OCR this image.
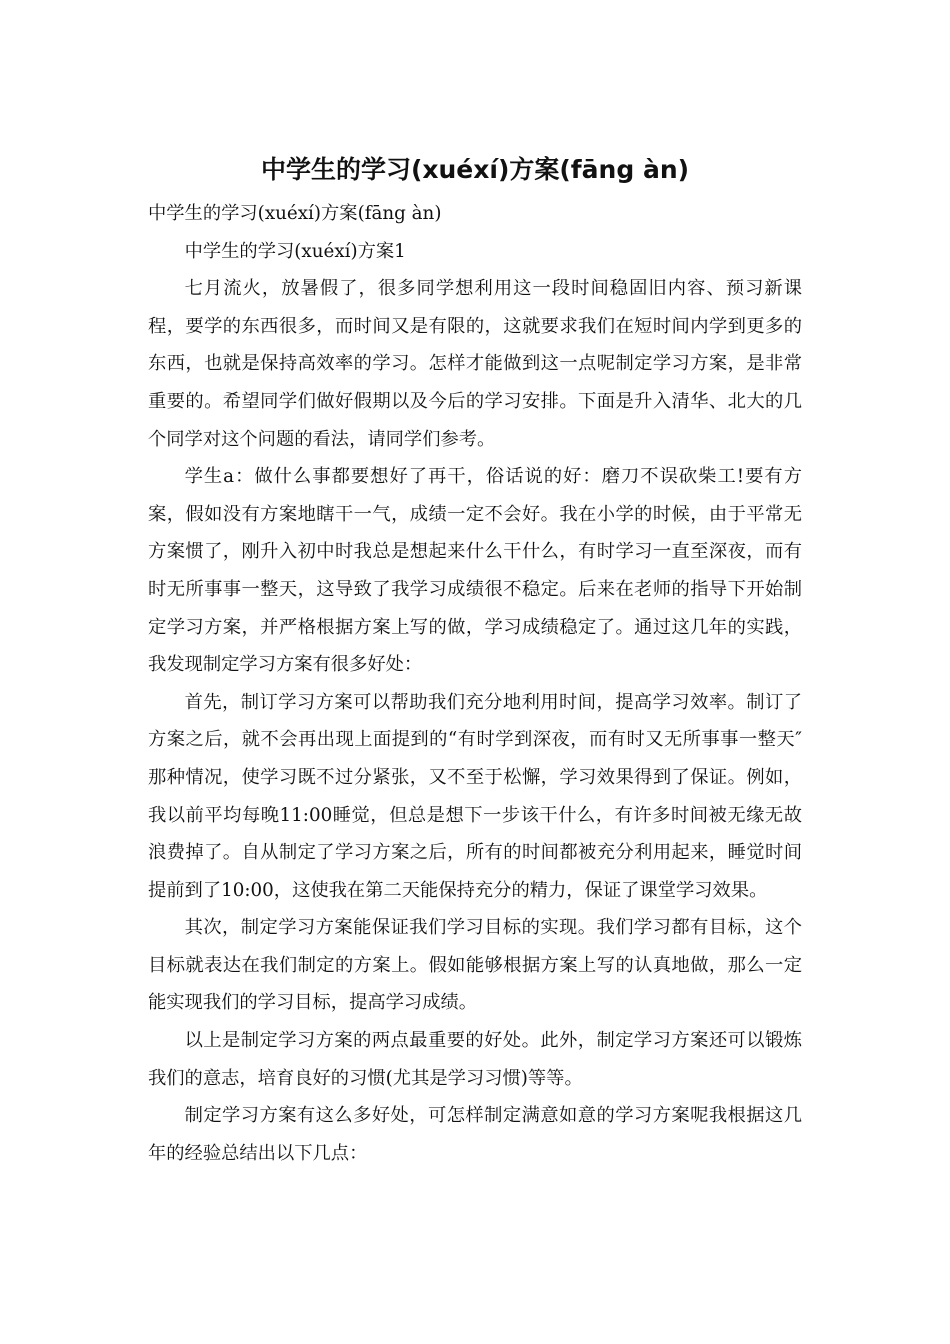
中学生的学习(xuéxí)方案(fāng àn)

中学生的学习(xuéxí)方案(fāng àn)

中学生的学习(xuéxí)方案1

七月流火，放暑假了，很多同学想利用这一段时间稳固旧内容、预习新课程，要学的东西很多，而时间又是有限的，这就要求我们在短时间内学到更多的东西，也就是保持高效率的学习。怎样才能做到这一点呢制定学习方案，是非常重要的。希望同学们做好假期以及今后的学习安排。下面是升入清华、北大的几个同学对这个问题的看法，请同学们参考。

学生a：做什么事都要想好了再干，俗话说的好：磨刀不误砍柴工!要有方案，假如没有方案地瞎干一气，成绩一定不会好。我在小学的时候，由于平常无方案惯了，刚升入初中时我总是想起来什么干什么，有时学习一直至深夜，而有时无所事事一整天，这导致了我学习成绩很不稳定。后来在老师的指导下开始制定学习方案，并严格根据方案上写的做，学习成绩稳定了。通过这几年的实践，我发现制定学习方案有很多好处：

首先，制订学习方案可以帮助我们充分地利用时间，提高学习效率。制订了方案之后，就不会再出现上面提到的“有时学到深夜，而有时又无所事事一整天″那种情况，使学习既不过分紧张，又不至于松懈，学习效果得到了保证。例如，我以前平均每晚11:00睡觉，但总是想下一步该干什么，有许多时间被无缘无故浪费掉了。自从制定了学习方案之后，所有的时间都被充分利用起来，睡觉时间提前到了10:00，这使我在第二天能保持充分的精力，保证了课堂学习效果。

其次，制定学习方案能保证我们学习目标的实现。我们学习都有目标，这个目标就表达在我们制定的方案上。假如能够根据方案上写的认真地做，那么一定能实现我们的学习目标，提高学习成绩。

以上是制定学习方案的两点最重要的好处。此外，制定学习方案还可以锻炼我们的意志，培育良好的习惯(尤其是学习习惯)等等。

制定学习方案有这么多好处，可怎样制定满意如意的学习方案呢我根据这几年的经验总结出以下几点：
